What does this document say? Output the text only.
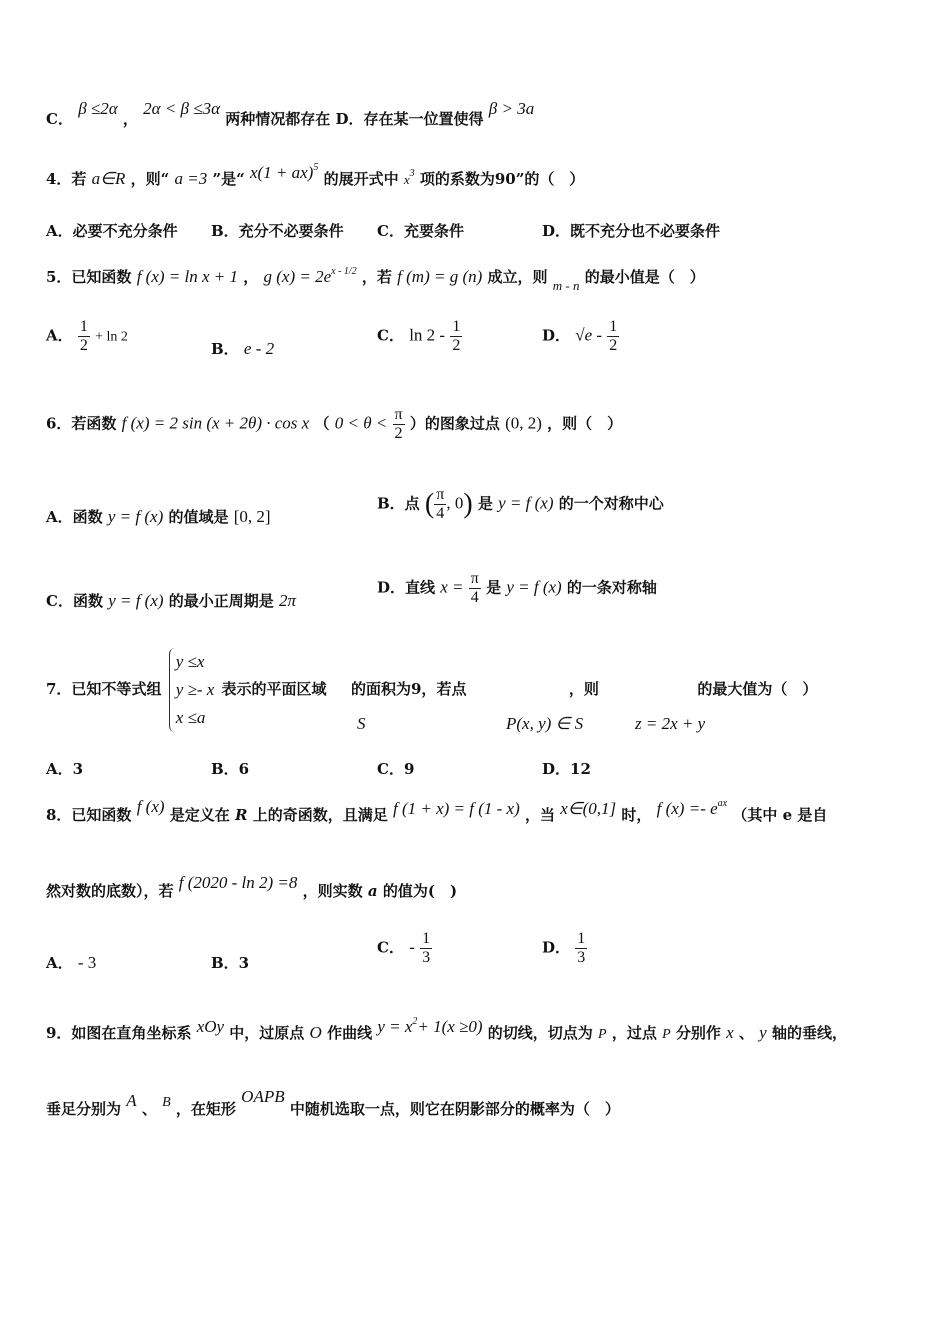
C． β ≤2α ， 2α < β ≤3α 两种情况都存在 D．存在某一位置使得 β > 3a
4．若 a∈R ，则“ a =3 ”是“ x(1 + ax)$^5$ 的展开式中 $x^3$ 项的系数为90”的（　）
A．必要不充分条件 B．充分不必要条件 C．充要条件	D．既不充分也不必要条件
5．已知函数 f (x) = ln x + 1 ， g $(x) = 2e^{x - 1/2}$ ，若 f (m) = g (n) 成立，则 m - n 的最小值是（　）
A． $\frac{1}{2} + \ln 2$
B． e - 2
C． $\ln 2 - \frac{1}{2}$	D． $√e - \frac{1}{2}$
6．若函数 f (x) = 2 sin (x + 2θ) · cos x （ $0 < \theta < \frac{\pi}{2}$ ）的图象过点 (0, 2) ，则（　）
A．函数 y = f (x) 的值域是 [0, 2]
B．点 ( $\frac{\pi}{4}$ , 0) 是 y = f (x) 的一个对称中心
C．函数 y = f (x) 的最小正周期是 2π
D．直线 $x = \frac{\pi}{4}$ 是 y = f (x) 的一条对称轴
7．已知不等式组
y ≤x
y ≥- x
x ≤a
表示的平面区域 的面积为9，若点	，则	的最大值为（　）
S	P(x, y) ∈ S	z = 2x + y
A．3	B．6	C．9	D．12
8．已知函数 f (x) 是定义在 R 上的奇函数，且满足 f (1 + x) = f (1 - x) ，当 x∈(0,1] 时， f $(x) =- e^{ax}$ （其中 e 是自
然对数的底数），若 f (2020 - ln 2) =8 ，则实数 a 的值为(　)
A． - 3	B．3
C． - $\frac{1}{3}$	D． $\frac{1}{3}$
9．如图在直角坐标系 xOy 中，过原点 O 作曲线 $y = x^2+ 1(x \ge 0)$ 的切线，切点为 P ，过点 P 分别作 x 、 y 轴的垂线，
垂足分别为 A 、 B ，在矩形 OAPB 中随机选取一点，则它在阴影部分的概率为（　）
